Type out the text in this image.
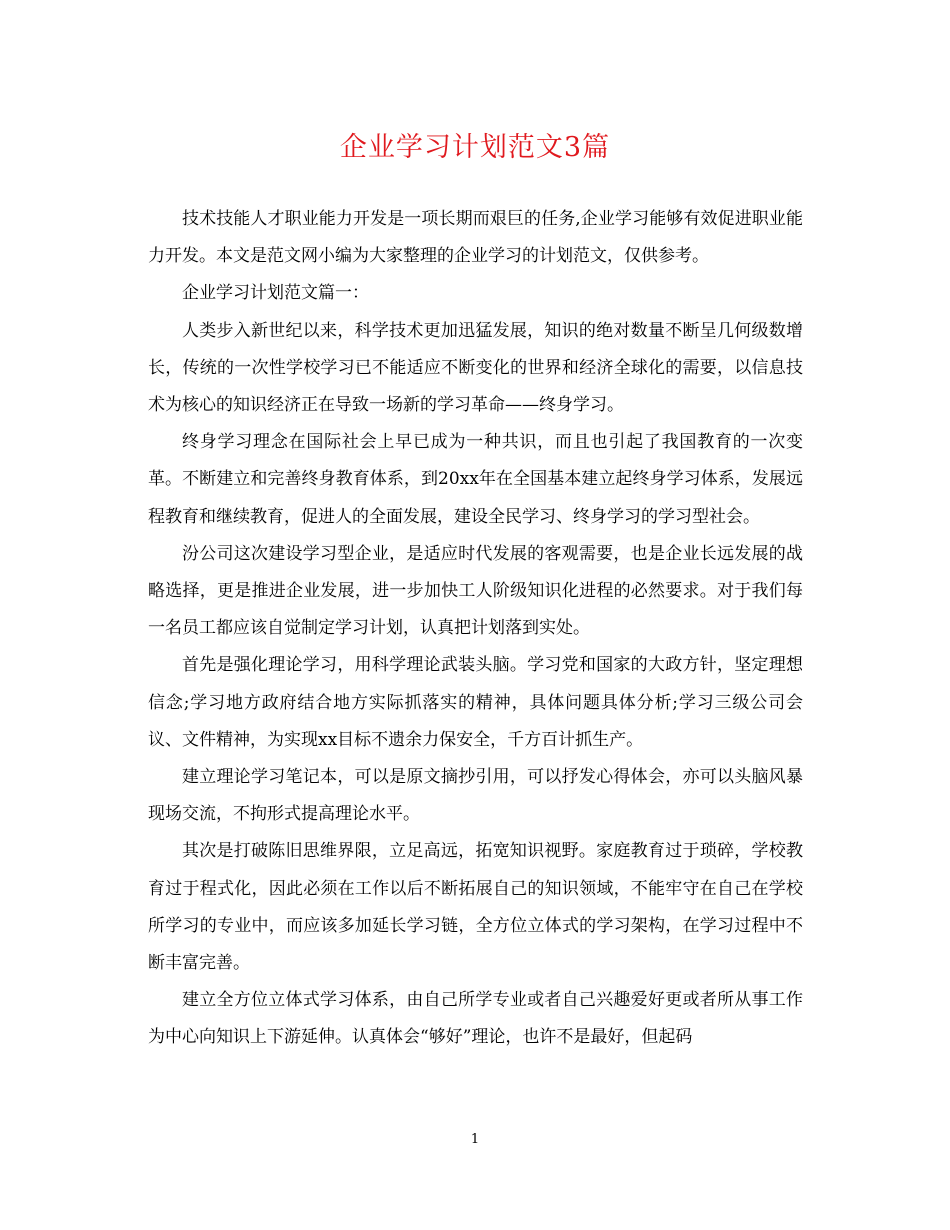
企业学习计划范文3篇

技术技能人才职业能力开发是一项长期而艰巨的任务,企业学习能够有效促进职业能力开发。本文是范文网小编为大家整理的企业学习的计划范文，仅供参考。

企业学习计划范文篇一：

人类步入新世纪以来，科学技术更加迅猛发展，知识的绝对数量不断呈几何级数增长，传统的一次性学校学习已不能适应不断变化的世界和经济全球化的需要，以信息技术为核心的知识经济正在导致一场新的学习革命——终身学习。

终身学习理念在国际社会上早已成为一种共识，而且也引起了我国教育的一次变革。不断建立和完善终身教育体系，到20xx年在全国基本建立起终身学习体系，发展远程教育和继续教育，促进人的全面发展，建设全民学习、终身学习的学习型社会。

汾公司这次建设学习型企业，是适应时代发展的客观需要，也是企业长远发展的战略选择，更是推进企业发展，进一步加快工人阶级知识化进程的必然要求。对于我们每一名员工都应该自觉制定学习计划，认真把计划落到实处。

首先是强化理论学习，用科学理论武装头脑。学习党和国家的大政方针，坚定理想信念;学习地方政府结合地方实际抓落实的精神，具体问题具体分析;学习三级公司会议、文件精神，为实现xx目标不遗余力保安全，千方百计抓生产。

建立理论学习笔记本，可以是原文摘抄引用，可以抒发心得体会，亦可以头脑风暴现场交流，不拘形式提高理论水平。

其次是打破陈旧思维界限，立足高远，拓宽知识视野。家庭教育过于琐碎，学校教育过于程式化，因此必须在工作以后不断拓展自己的知识领域，不能牢守在自己在学校所学习的专业中，而应该多加延长学习链，全方位立体式的学习架构，在学习过程中不断丰富完善。

建立全方位立体式学习体系，由自己所学专业或者自己兴趣爱好更或者所从事工作为中心向知识上下游延伸。认真体会“够好”理论，也许不是最好，但起码

1
